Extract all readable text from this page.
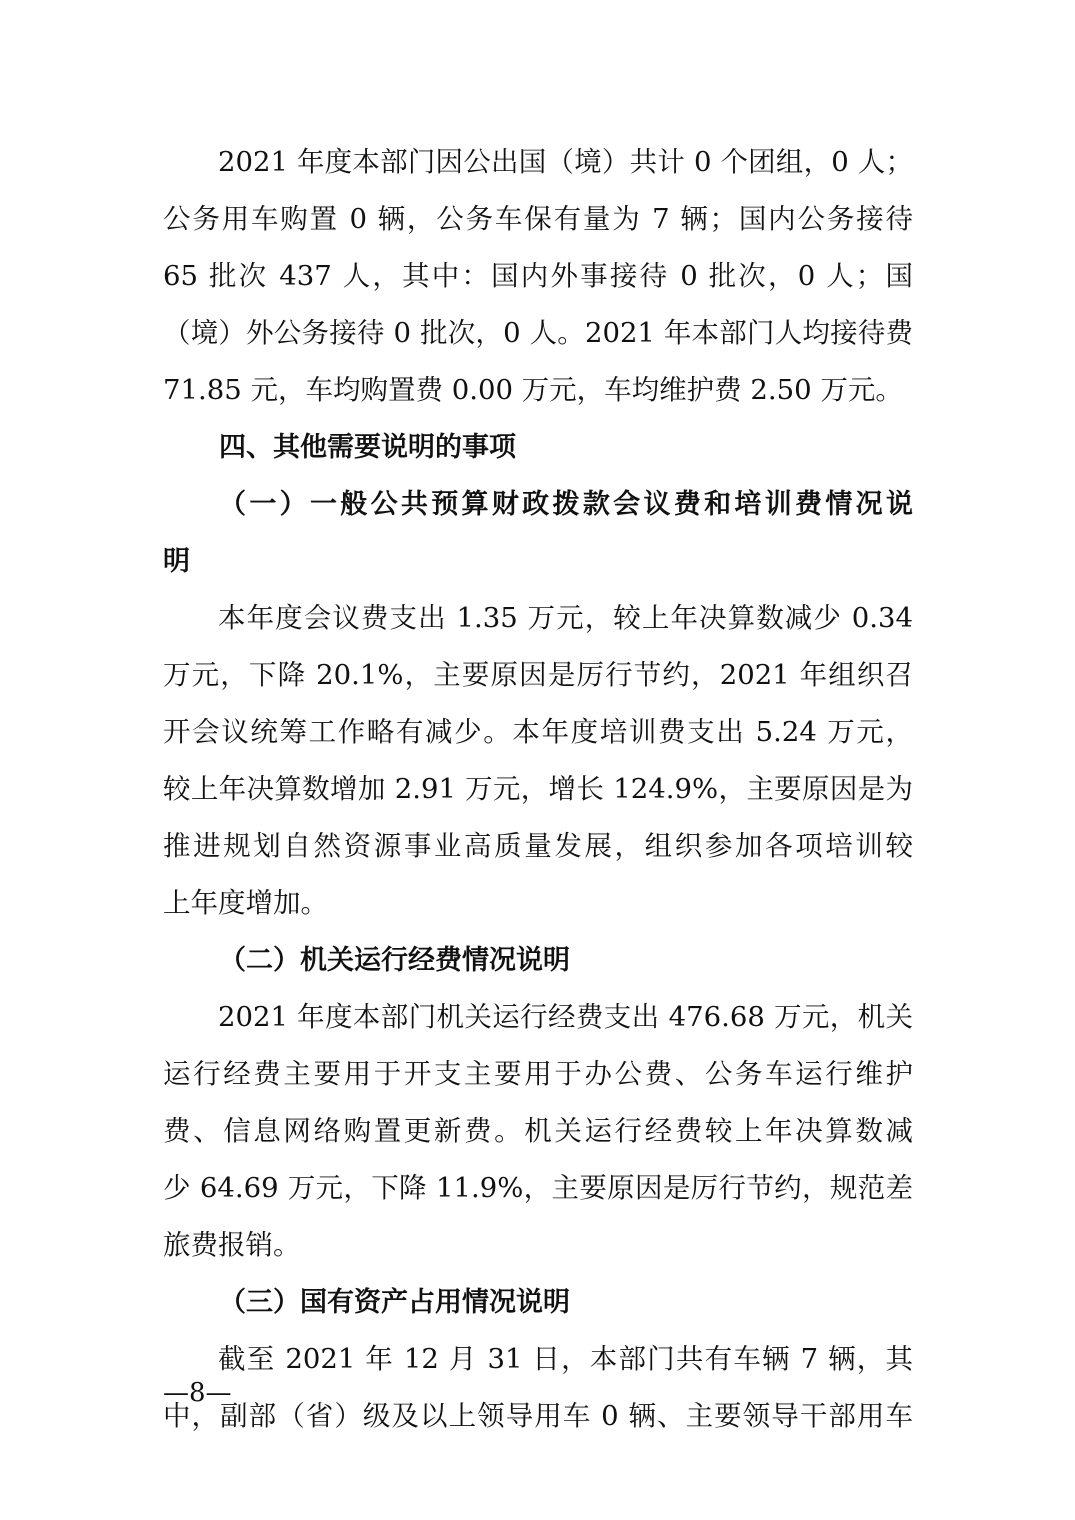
2021 年度本部门因公出国（境）共计 0 个团组，0 人；
公务用车购置 0 辆，公务车保有量为 7 辆；国内公务接待
65 批次 437 人，其中：国内外事接待 0 批次，0 人；国
（境）外公务接待 0 批次，0 人。2021 年本部门人均接待费
71.85 元，车均购置费 0.00 万元，车均维护费 2.50 万元。
四、其他需要说明的事项
（一）一般公共预算财政拨款会议费和培训费情况说
明
本年度会议费支出 1.35 万元，较上年决算数减少 0.34
万元，下降 20.1%，主要原因是厉行节约，2021 年组织召
开会议统筹工作略有减少。本年度培训费支出 5.24 万元，
较上年决算数增加 2.91 万元，增长 124.9%，主要原因是为
推进规划自然资源事业高质量发展，组织参加各项培训较
上年度增加。
（二）机关运行经费情况说明
2021 年度本部门机关运行经费支出 476.68 万元，机关
运行经费主要用于开支主要用于办公费、公务车运行维护
费、信息网络购置更新费。机关运行经费较上年决算数减
少 64.69 万元，下降 11.9%，主要原因是厉行节约，规范差
旅费报销。
（三）国有资产占用情况说明
截至 2021 年 12 月 31 日，本部门共有车辆 7 辆，其
中，副部（省）级及以上领导用车 0 辆、主要领导干部用车
—8—
